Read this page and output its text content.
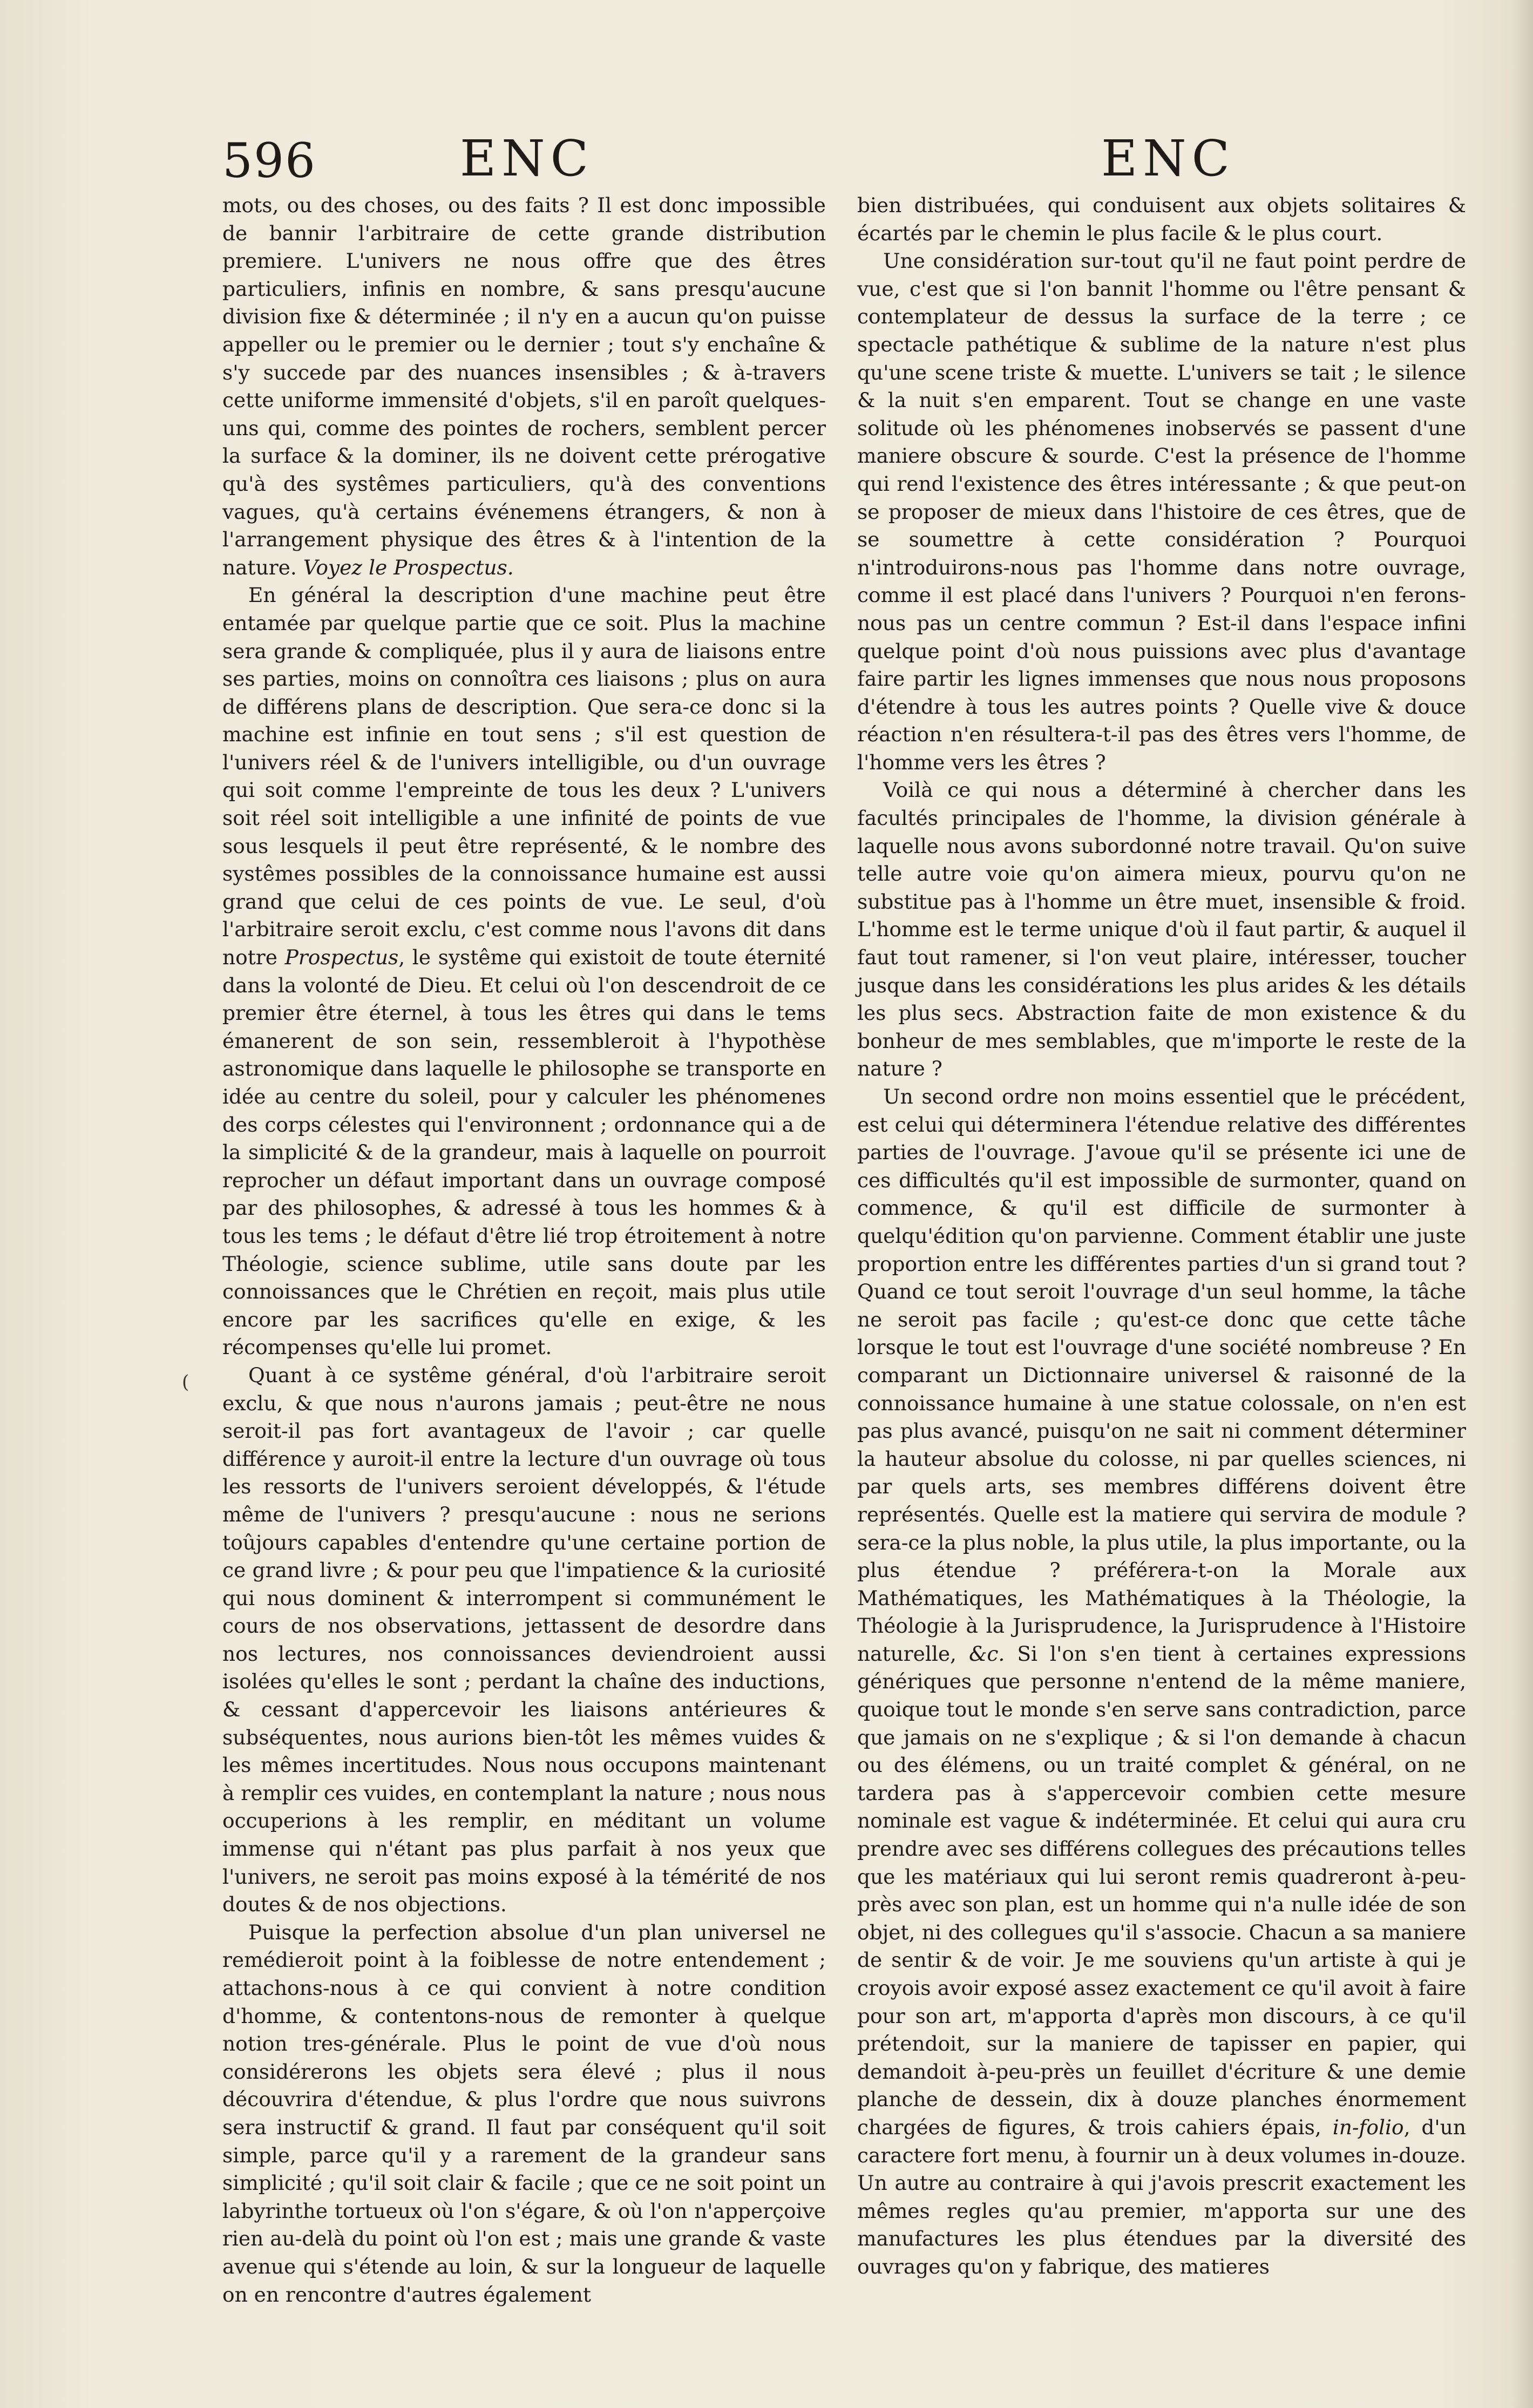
596	ENC	ENC
(

mots, ou des choses, ou des faits ? Il est donc impossible de bannir l'arbitraire de cette grande distribution premiere. L'univers ne nous offre que des êtres particuliers, infinis en nombre, & sans presqu'aucune division fixe & déterminée ; il n'y en a aucun qu'on puisse appeller ou le premier ou le dernier ; tout s'y enchaîne & s'y succede par des nuances insensibles ; & à-travers cette uniforme immensité d'objets, s'il en paroît quelques-uns qui, comme des pointes de rochers, semblent percer la surface & la dominer, ils ne doivent cette prérogative qu'à des systêmes particuliers, qu'à des conventions vagues, qu'à certains événemens étrangers, & non à l'arrangement physique des êtres & à l'intention de la nature. Voyez le Prospectus.

En général la description d'une machine peut être entamée par quelque partie que ce soit. Plus la machine sera grande & compliquée, plus il y aura de liaisons entre ses parties, moins on connoîtra ces liaisons ; plus on aura de différens plans de description. Que sera-ce donc si la machine est infinie en tout sens ; s'il est question de l'univers réel & de l'univers intelligible, ou d'un ouvrage qui soit comme l'empreinte de tous les deux ? L'univers soit réel soit intelligible a une infinité de points de vue sous lesquels il peut être représenté, & le nombre des systêmes possibles de la connoissance humaine est aussi grand que celui de ces points de vue. Le seul, d'où l'arbitraire seroit exclu, c'est comme nous l'avons dit dans notre Prospectus, le systême qui existoit de toute éternité dans la volonté de Dieu. Et celui où l'on descendroit de ce premier être éternel, à tous les êtres qui dans le tems émanerent de son sein, ressembleroit à l'hypothèse astronomique dans laquelle le philosophe se transporte en idée au centre du soleil, pour y calculer les phénomenes des corps célestes qui l'environnent ; ordonnance qui a de la simplicité & de la grandeur, mais à laquelle on pourroit reprocher un défaut important dans un ouvrage composé par des philosophes, & adressé à tous les hommes & à tous les tems ; le défaut d'être lié trop étroitement à notre Théologie, science sublime, utile sans doute par les connoissances que le Chrétien en reçoit, mais plus utile encore par les sacrifices qu'elle en exige, & les récompenses qu'elle lui promet.

Quant à ce systême général, d'où l'arbitraire seroit exclu, & que nous n'aurons jamais ; peut-être ne nous seroit-il pas fort avantageux de l'avoir ; car quelle différence y auroit-il entre la lecture d'un ouvrage où tous les ressorts de l'univers seroient développés, & l'étude même de l'univers ? presqu'aucune : nous ne serions toûjours capables d'entendre qu'une certaine portion de ce grand livre ; & pour peu que l'impatience & la curiosité qui nous dominent & interrompent si communément le cours de nos observations, jettassent de desordre dans nos lectures, nos connoissances deviendroient aussi isolées qu'elles le sont ; perdant la chaîne des inductions, & cessant d'appercevoir les liaisons antérieures & subséquentes, nous aurions bien-tôt les mêmes vuides & les mêmes incertitudes. Nous nous occupons maintenant à remplir ces vuides, en contemplant la nature ; nous nous occuperions à les remplir, en méditant un volume immense qui n'étant pas plus parfait à nos yeux que l'univers, ne seroit pas moins exposé à la témérité de nos doutes & de nos objections.

Puisque la perfection absolue d'un plan universel ne remédieroit point à la foiblesse de notre entendement ; attachons-nous à ce qui convient à notre condition d'homme, & contentons-nous de remonter à quelque notion tres-générale. Plus le point de vue d'où nous considérerons les objets sera élevé ; plus il nous découvrira d'étendue, & plus l'ordre que nous suivrons sera instructif & grand. Il faut par conséquent qu'il soit simple, parce qu'il y a rarement de la grandeur sans simplicité ; qu'il soit clair & facile ; que ce ne soit point un labyrinthe tortueux où l'on s'égare, & où l'on n'apperçoive rien au-delà du point où l'on est ; mais une grande & vaste avenue qui s'étende au loin, & sur la longueur de laquelle on en rencontre d'autres également

bien distribuées, qui conduisent aux objets solitaires & écartés par le chemin le plus facile & le plus court.

Une considération sur-tout qu'il ne faut point perdre de vue, c'est que si l'on bannit l'homme ou l'être pensant & contemplateur de dessus la surface de la terre ; ce spectacle pathétique & sublime de la nature n'est plus qu'une scene triste & muette. L'univers se tait ; le silence & la nuit s'en emparent. Tout se change en une vaste solitude où les phénomenes inobservés se passent d'une maniere obscure & sourde. C'est la présence de l'homme qui rend l'existence des êtres intéressante ; & que peut-on se proposer de mieux dans l'histoire de ces êtres, que de se soumettre à cette considération ? Pourquoi n'introduirons-nous pas l'homme dans notre ouvrage, comme il est placé dans l'univers ? Pourquoi n'en ferons-nous pas un centre commun ? Est-il dans l'espace infini quelque point d'où nous puissions avec plus d'avantage faire partir les lignes immenses que nous nous proposons d'étendre à tous les autres points ? Quelle vive & douce réaction n'en résultera-t-il pas des êtres vers l'homme, de l'homme vers les êtres ?

Voilà ce qui nous a déterminé à chercher dans les facultés principales de l'homme, la division générale à laquelle nous avons subordonné notre travail. Qu'on suive telle autre voie qu'on aimera mieux, pourvu qu'on ne substitue pas à l'homme un être muet, insensible & froid. L'homme est le terme unique d'où il faut partir, & auquel il faut tout ramener, si l'on veut plaire, intéresser, toucher jusque dans les considérations les plus arides & les détails les plus secs. Abstraction faite de mon existence & du bonheur de mes semblables, que m'importe le reste de la nature ?

Un second ordre non moins essentiel que le précédent, est celui qui déterminera l'étendue relative des différentes parties de l'ouvrage. J'avoue qu'il se présente ici une de ces difficultés qu'il est impossible de surmonter, quand on commence, & qu'il est difficile de surmonter à quelqu'édition qu'on parvienne. Comment établir une juste proportion entre les différentes parties d'un si grand tout ? Quand ce tout seroit l'ouvrage d'un seul homme, la tâche ne seroit pas facile ; qu'est-ce donc que cette tâche lorsque le tout est l'ouvrage d'une société nombreuse ? En comparant un Dictionnaire universel & raisonné de la connoissance humaine à une statue colossale, on n'en est pas plus avancé, puisqu'on ne sait ni comment déterminer la hauteur absolue du colosse, ni par quelles sciences, ni par quels arts, ses membres différens doivent être représentés. Quelle est la matiere qui servira de module ? sera-ce la plus noble, la plus utile, la plus importante, ou la plus étendue ? préférera-t-on la Morale aux Mathématiques, les Mathématiques à la Théologie, la Théologie à la Jurisprudence, la Jurisprudence à l'Histoire naturelle, &c. Si l'on s'en tient à certaines expressions génériques que personne n'entend de la même maniere, quoique tout le monde s'en serve sans contradiction, parce que jamais on ne s'explique ; & si l'on demande à chacun ou des élémens, ou un traité complet & général, on ne tardera pas à s'appercevoir combien cette mesure nominale est vague & indéterminée. Et celui qui aura cru prendre avec ses différens collegues des précautions telles que les matériaux qui lui seront remis quadreront à-peu-près avec son plan, est un homme qui n'a nulle idée de son objet, ni des collegues qu'il s'associe. Chacun a sa maniere de sentir & de voir. Je me souviens qu'un artiste à qui je croyois avoir exposé assez exactement ce qu'il avoit à faire pour son art, m'apporta d'après mon discours, à ce qu'il prétendoit, sur la maniere de tapisser en papier, qui demandoit à-peu-près un feuillet d'écriture & une demie planche de dessein, dix à douze planches énormement chargées de figures, & trois cahiers épais, in-folio, d'un caractere fort menu, à fournir un à deux volumes in-douze. Un autre au contraire à qui j'avois prescrit exactement les mêmes regles qu'au premier, m'apporta sur une des manufactures les plus étendues par la diversité des ouvrages qu'on y fabrique, des matieres
